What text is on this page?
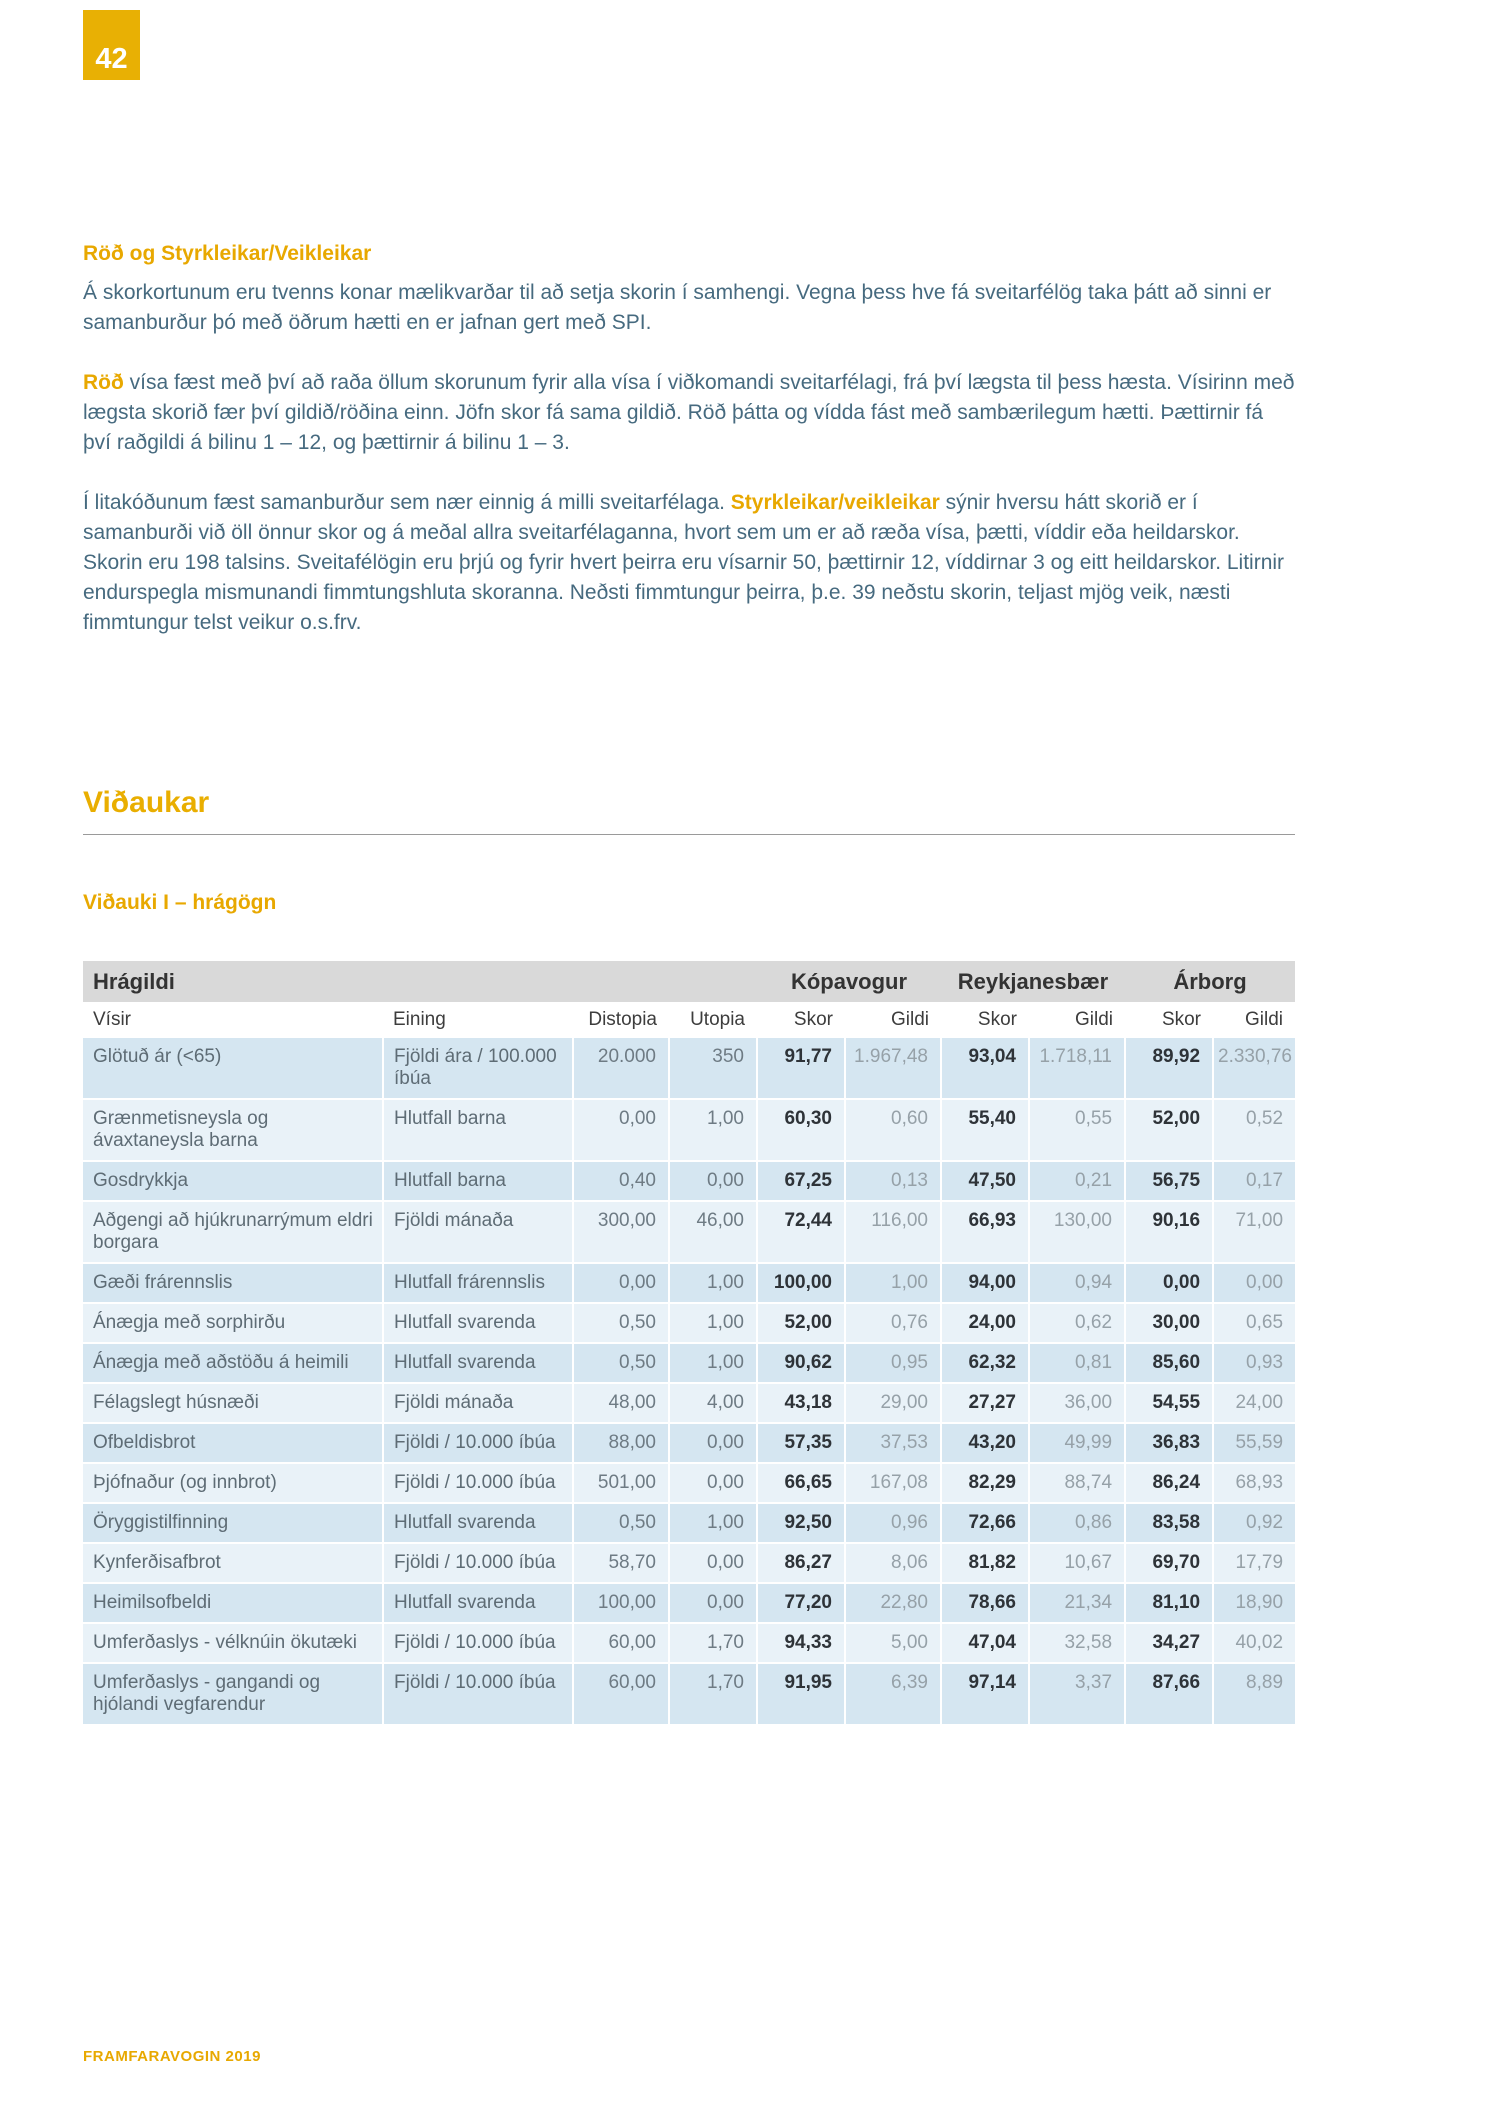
42
Röð og Styrkleikar/Veikleikar

Á skorkortunum eru tvenns konar mælikvarðar til að setja skorin í samhengi. Vegna þess hve fá sveitarfélög taka þátt að sinni er samanburður þó með öðrum hætti en er jafnan gert með SPI.

Röð vísa fæst með því að raða öllum skorunum fyrir alla vísa í viðkomandi sveitarfélagi, frá því lægsta til þess hæsta. Vísirinn með lægsta skorið fær því gildið/röðina einn. Jöfn skor fá sama gildið. Röð þátta og vídda fást með sambærilegum hætti. Þættirnir fá því raðgildi á bilinu 1 – 12, og þættirnir á bilinu 1 – 3.

Í litakóðunum fæst samanburður sem nær einnig á milli sveitarfélaga. Styrkleikar/veikleikar sýnir hversu hátt skorið er í samanburði við öll önnur skor og á meðal allra sveitarfélaganna, hvort sem um er að ræða vísa, þætti, víddir eða heildarskor. Skorin eru 198 talsins. Sveitafélögin eru þrjú og fyrir hvert þeirra eru vísarnir 50, þættirnir 12, víddirnar 3 og eitt heildarskor. Litirnir endurspegla mismunandi fimmtungshluta skoranna. Neðsti fimmtungur þeirra, þ.e. 39 neðstu skorin, teljast mjög veik, næsti fimmtungur telst veikur o.s.frv.

Viðaukar
Viðauki I – hrágögn
Hrágildi				Kópavogur		Reykjanesbær		Árborg	
Vísir	Eining	Distopia	Utopia	Skor	Gildi	Skor	Gildi	Skor	Gildi
Glötuð ár (<65)	Fjöldi ára / 100.000 íbúa	20.000	350	91,77	1.967,48	93,04	1.718,11	89,92	2.330,76
Grænmetisneysla og ávaxtaneysla barna	Hlutfall barna	0,00	1,00	60,30	0,60	55,40	0,55	52,00	0,52
Gosdrykkja	Hlutfall barna	0,40	0,00	67,25	0,13	47,50	0,21	56,75	0,17
Aðgengi að hjúkrunarrýmum eldri borgara	Fjöldi mánaða	300,00	46,00	72,44	116,00	66,93	130,00	90,16	71,00
Gæði frárennslis	Hlutfall frárennslis	0,00	1,00	100,00	1,00	94,00	0,94	0,00	0,00
Ánægja með sorphirðu	Hlutfall svarenda	0,50	1,00	52,00	0,76	24,00	0,62	30,00	0,65
Ánægja með aðstöðu á heimili	Hlutfall svarenda	0,50	1,00	90,62	0,95	62,32	0,81	85,60	0,93
Félagslegt húsnæði	Fjöldi mánaða	48,00	4,00	43,18	29,00	27,27	36,00	54,55	24,00
Ofbeldisbrot	Fjöldi / 10.000 íbúa	88,00	0,00	57,35	37,53	43,20	49,99	36,83	55,59
Þjófnaður (og innbrot)	Fjöldi / 10.000 íbúa	501,00	0,00	66,65	167,08	82,29	88,74	86,24	68,93
Öryggistilfinning	Hlutfall svarenda	0,50	1,00	92,50	0,96	72,66	0,86	83,58	0,92
Kynferðisafbrot	Fjöldi / 10.000 íbúa	58,70	0,00	86,27	8,06	81,82	10,67	69,70	17,79
Heimilsofbeldi	Hlutfall svarenda	100,00	0,00	77,20	22,80	78,66	21,34	81,10	18,90
Umferðaslys - vélknúin ökutæki	Fjöldi / 10.000 íbúa	60,00	1,70	94,33	5,00	47,04	32,58	34,27	40,02
Umferðaslys - gangandi og hjólandi vegfarendur	Fjöldi / 10.000 íbúa	60,00	1,70	91,95	6,39	97,14	3,37	87,66	8,89
FRAMFARAVOGIN 2019
